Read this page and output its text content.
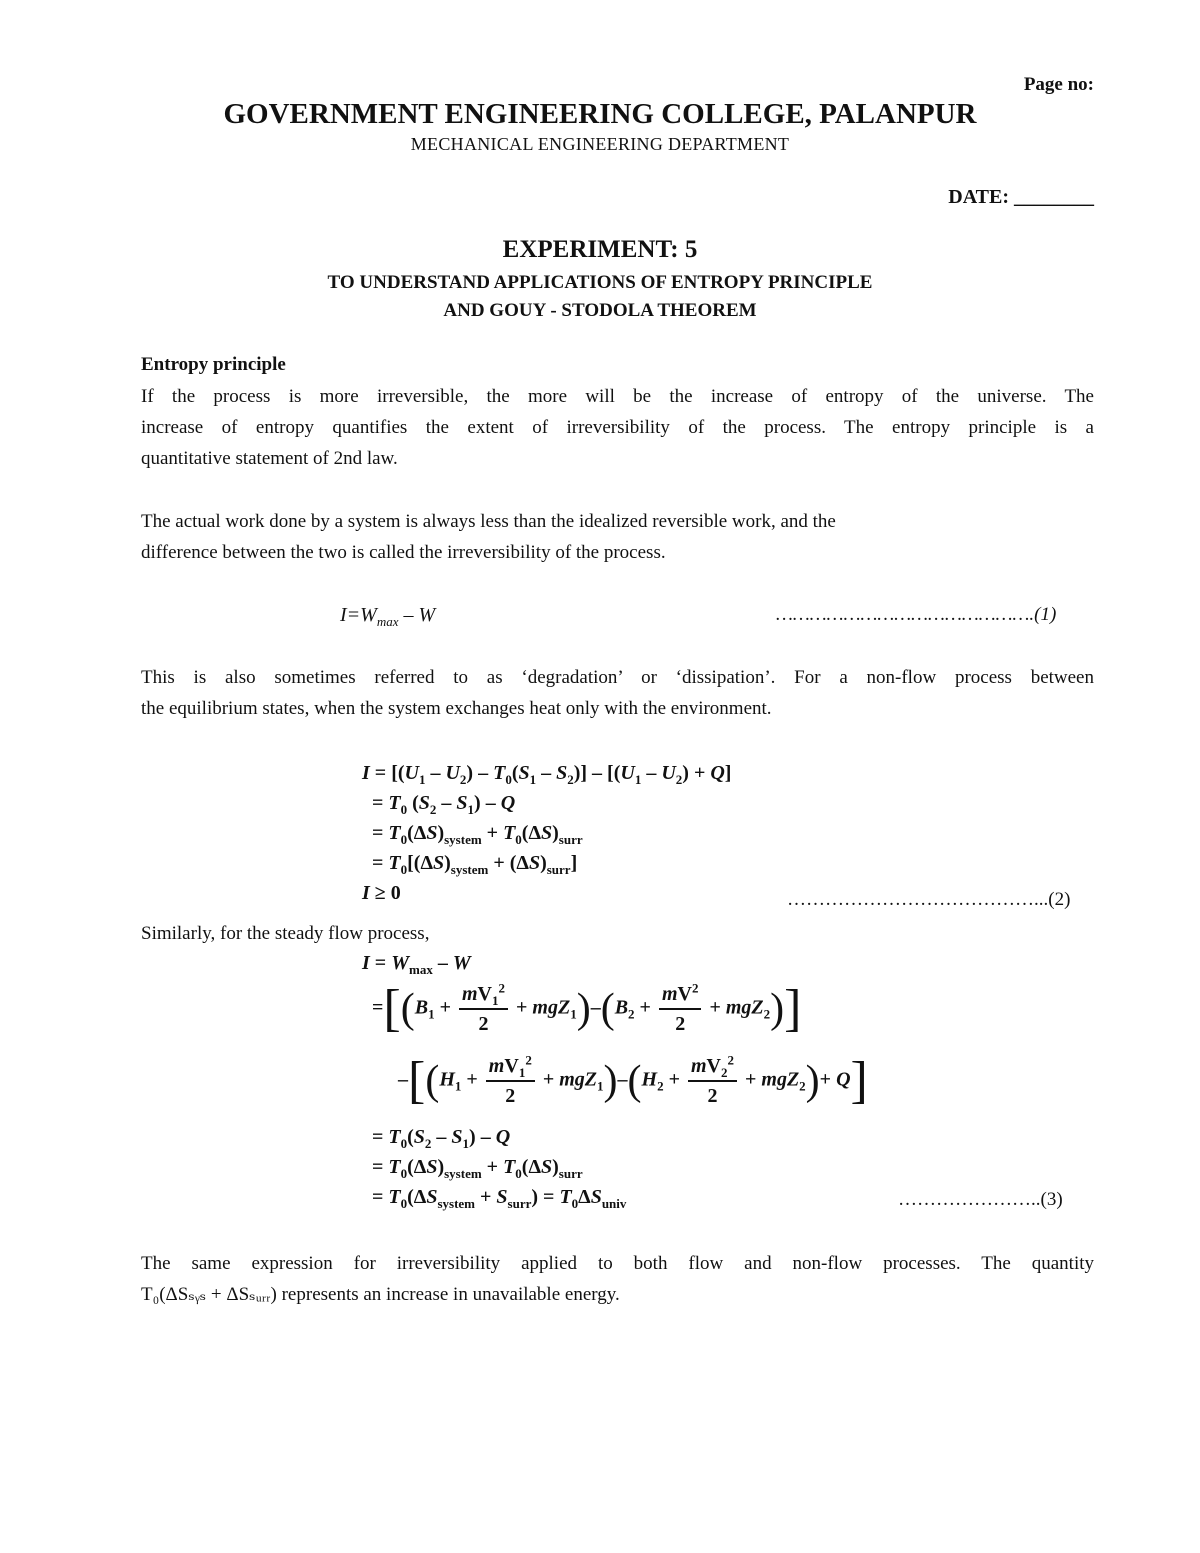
Page no:
GOVERNMENT ENGINEERING COLLEGE, PALANPUR
MECHANICAL ENGINEERING DEPARTMENT
DATE: ________
EXPERIMENT: 5
TO UNDERSTAND APPLICATIONS OF ENTROPY PRINCIPLE
AND GOUY - STODOLA THEOREM
Entropy principle
If the process is more irreversible, the more will be the increase of entropy of the universe. The
increase of entropy quantifies the extent of irreversibility of the process. The entropy principle is a
quantitative statement of 2nd law.
The actual work done by a system is always less than the idealized reversible work, and the
difference between the two is called the irreversibility of the process.
$I=W_{max} - W$	……………………………………….(1)
This is also sometimes referred to as ‘degradation’ or ‘dissipation’. For a non-flow process between
the equilibrium states, when the system exchanges heat only with the environment.
$I = [(U_1 - U_2) - T_0(S_1 - S_2)] - [(U_1 - U_2) + Q]$
= $T_0$ $(S_2 - S_1)$ – Q
= $T_0(\Delta S)_{system} + T_0(\Delta S)_{surr}$
= $T_0[(\Delta S)_{system} + (\Delta S)_{surr}]$
I ≥ 0	…………………………………...(2)
Similarly, for the steady flow process,
$I = W_{max} - W$
$=[(B_1 + \frac{mV_1^2}{2} + mgZ_1)-(B_2 + \frac{mV^2}{2} + mgZ_2)]$
$-[(H_1 + \frac{mV_1^2}{2} + mgZ_1)-(H_2 + \frac{mV_2^2}{2} + mgZ_2)+ Q]$
= $T_0(S_2 - S_1)$ – Q
= $T_0(\Delta S)_{system} + T_0(\Delta S)_{surr}$
= $T_0(\Delta S_{system} + S_{surr}) = T_0\Delta S_{univ}$	…………………..(3)
The same expression for irreversibility applied to both flow and non-flow processes. The quantity
T₀(ΔSₛᵧₛ + ΔSₛᵤᵣᵣ) represents an increase in unavailable energy.
